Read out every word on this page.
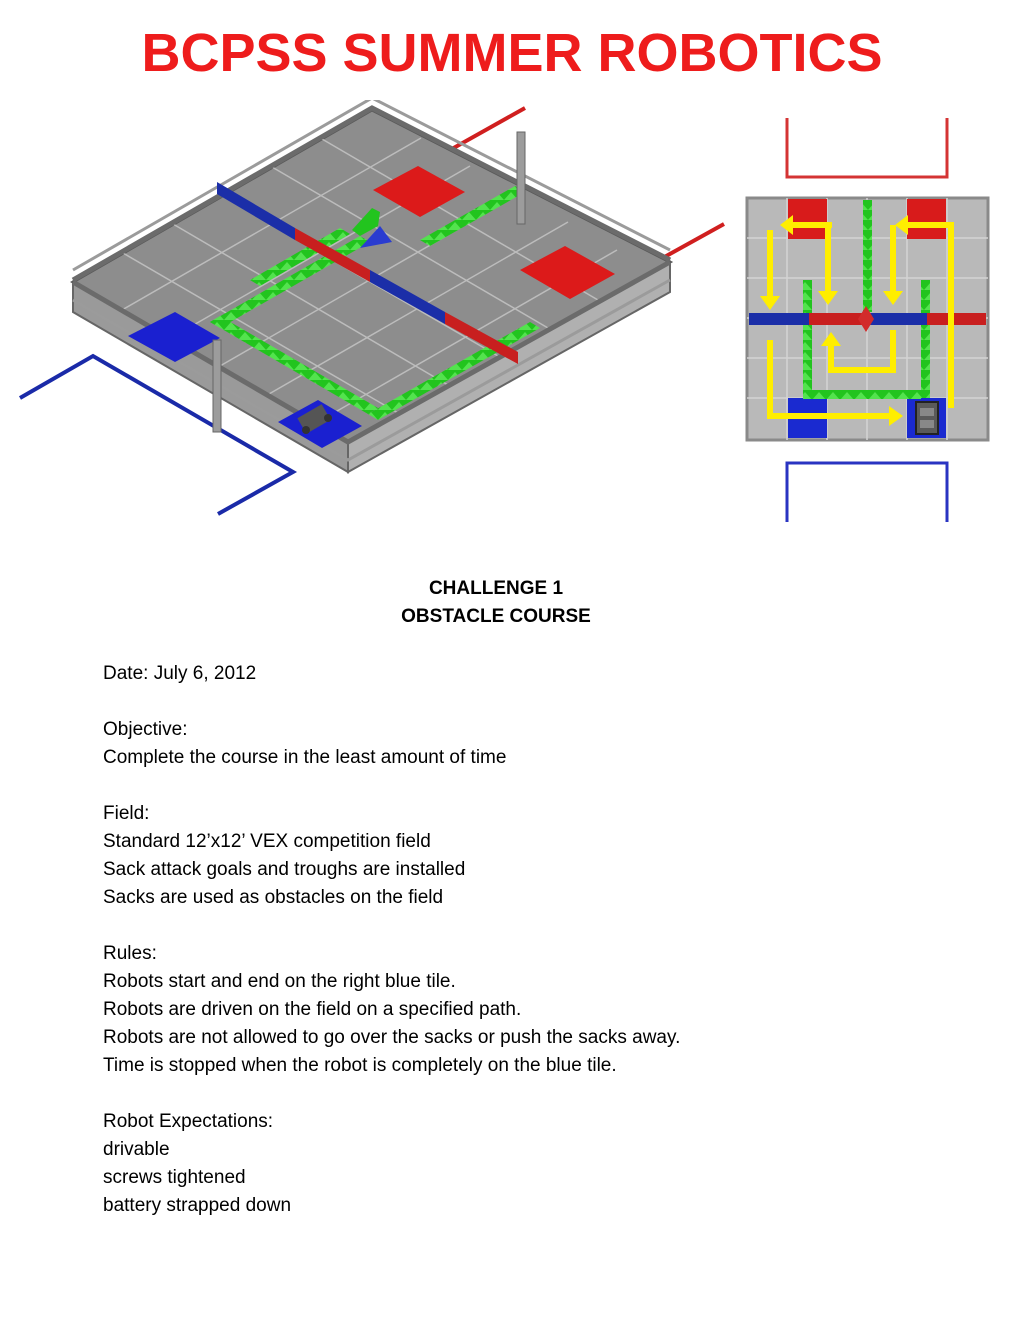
BCPSS SUMMER ROBOTICS
CHALLENGE 1
OBSTACLE COURSE
Date: July 6, 2012
Objective:
Complete the course in the least amount of time
Field:
Standard 12’x12’ VEX competition field
Sack attack goals and troughs are installed
Sacks are used as obstacles on the field
Rules:
Robots start and end on the right blue tile.
Robots are driven on the field on a specified path.
Robots are not allowed to go over the sacks or push the sacks away.
Time is stopped when the robot is completely on the blue tile.
Robot Expectations:
drivable
screws tightened
battery strapped down
